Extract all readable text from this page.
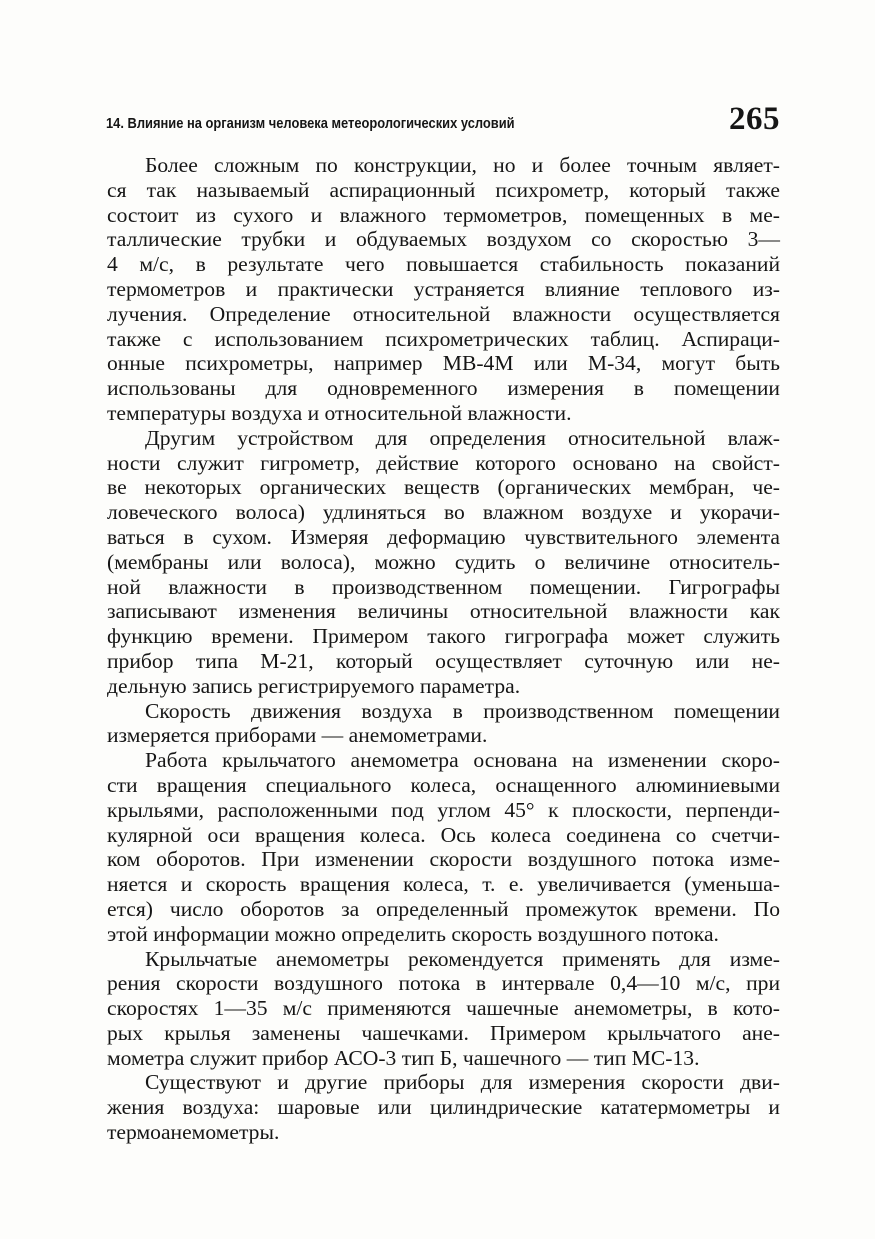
14. Влияние на организм человека метеорологических условий	265
Более сложным по конструкции, но и более точным являет-
ся так называемый аспирационный психрометр, который также
состоит из сухого и влажного термометров, помещенных в ме-
таллические трубки и обдуваемых воздухом со скоростью 3—
4 м/с, в результате чего повышается стабильность показаний
термометров и практически устраняется влияние теплового из-
лучения. Определение относительной влажности осуществляется
также с использованием психрометрических таблиц. Аспираци-
онные психрометры, например МВ-4М или М-34, могут быть
использованы для одновременного измерения в помещении
температуры воздуха и относительной влажности.
Другим устройством для определения относительной влаж-
ности служит гигрометр, действие которого основано на свойст-
ве некоторых органических веществ (органических мембран, че-
ловеческого волоса) удлиняться во влажном воздухе и укорачи-
ваться в сухом. Измеряя деформацию чувствительного элемента
(мембраны или волоса), можно судить о величине относитель-
ной влажности в производственном помещении. Гигрографы
записывают изменения величины относительной влажности как
функцию времени. Примером такого гигрографа может служить
прибор типа М-21, который осуществляет суточную или не-
дельную запись регистрируемого параметра.
Скорость движения воздуха в производственном помещении
измеряется приборами — анемометрами.
Работа крыльчатого анемометра основана на изменении скоро-
сти вращения специального колеса, оснащенного алюминиевыми
крыльями, расположенными под углом 45° к плоскости, перпенди-
кулярной оси вращения колеса. Ось колеса соединена со счетчи-
ком оборотов. При изменении скорости воздушного потока изме-
няется и скорость вращения колеса, т. е. увеличивается (уменьша-
ется) число оборотов за определенный промежуток времени. По
этой информации можно определить скорость воздушного потока.
Крыльчатые анемометры рекомендуется применять для изме-
рения скорости воздушного потока в интервале 0,4—10 м/с, при
скоростях 1—35 м/с применяются чашечные анемометры, в кото-
рых крылья заменены чашечками. Примером крыльчатого ане-
мометра служит прибор АСО-3 тип Б, чашечного — тип МС-13.
Существуют и другие приборы для измерения скорости дви-
жения воздуха: шаровые или цилиндрические кататермометры и
термоанемометры.
